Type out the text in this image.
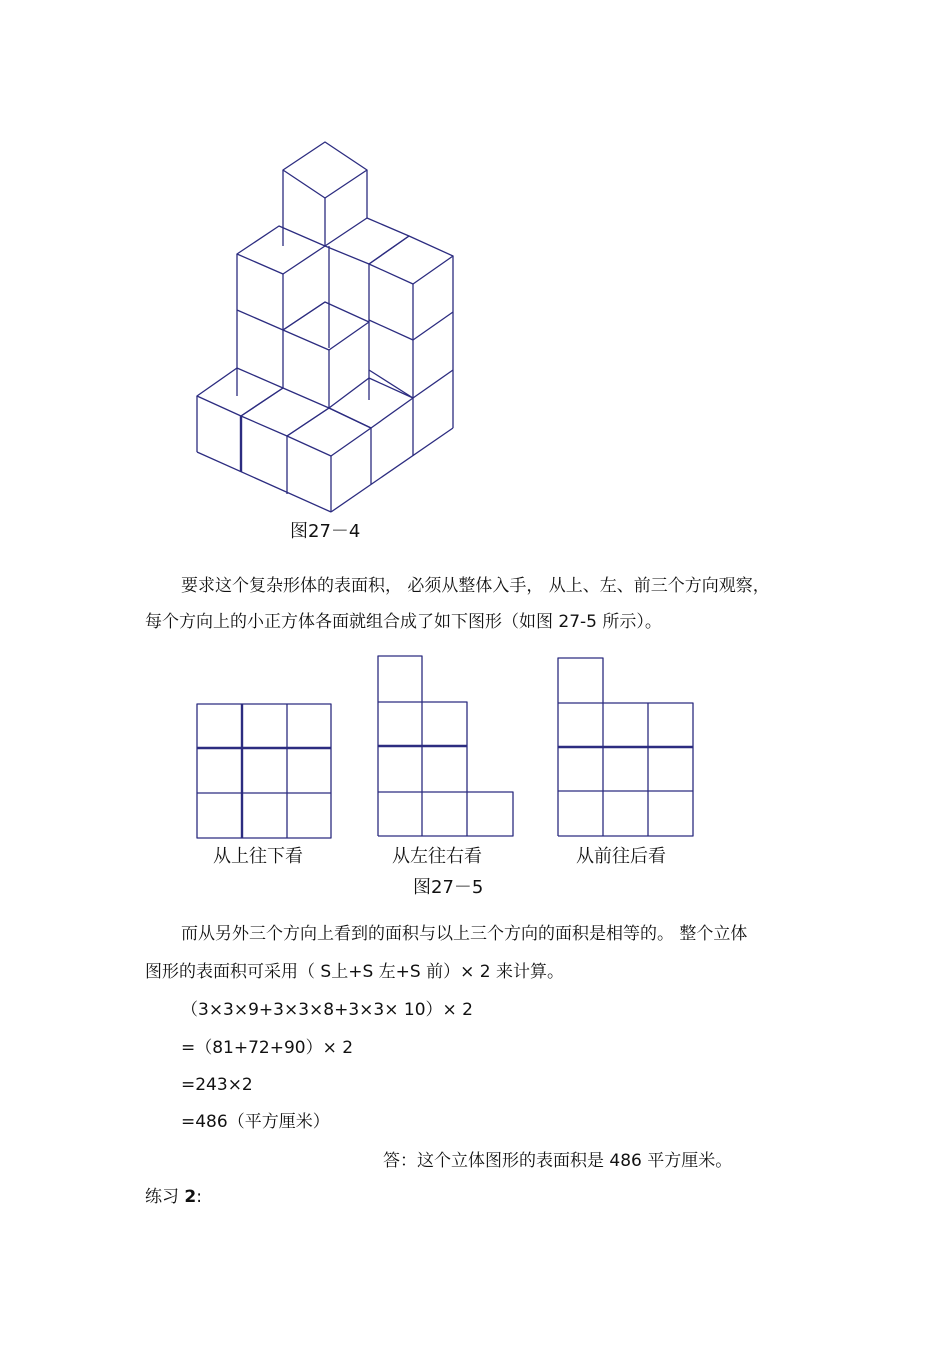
图27－4
要求这个复杂形体的表面积， 必须从整体入手， 从上、左、前三个方向观察，
每个方向上的小正方体各面就组合成了如下图形（如图 27-5 所示）。
从上往下看	从左往右看	从前往后看
图27－5
而从另外三个方向上看到的面积与以上三个方向的面积是相等的。 整个立体
图形的表面积可采用（ S上+S 左+S 前）× 2 来计算。
（3×3×9+3×3×8+3×3× 10）× 2
=（81+72+90）× 2
=243×2
=486（平方厘米）
答：这个立体图形的表面积是 486 平方厘米。
练习 2:
